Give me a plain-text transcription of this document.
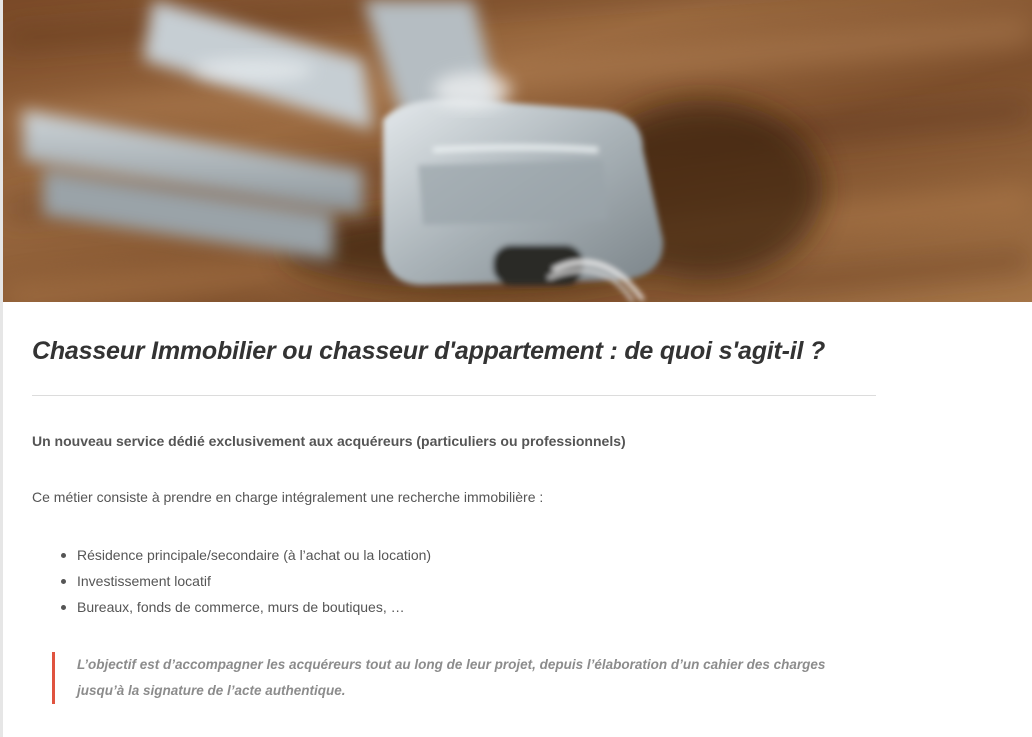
Chasseur Immobilier ou chasseur d'appartement : de quoi s'agit-il ?
Un nouveau service dédié exclusivement aux acquéreurs (particuliers ou professionnels)
Ce métier consiste à prendre en charge intégralement une recherche immobilière :
Résidence principale/secondaire (à l’achat ou la location)
Investissement locatif
Bureaux, fonds de commerce, murs de boutiques, …
L’objectif est d’accompagner les acquéreurs tout au long de leur projet, depuis l’élaboration d’un cahier des charges jusqu’à la signature de l’acte authentique.
